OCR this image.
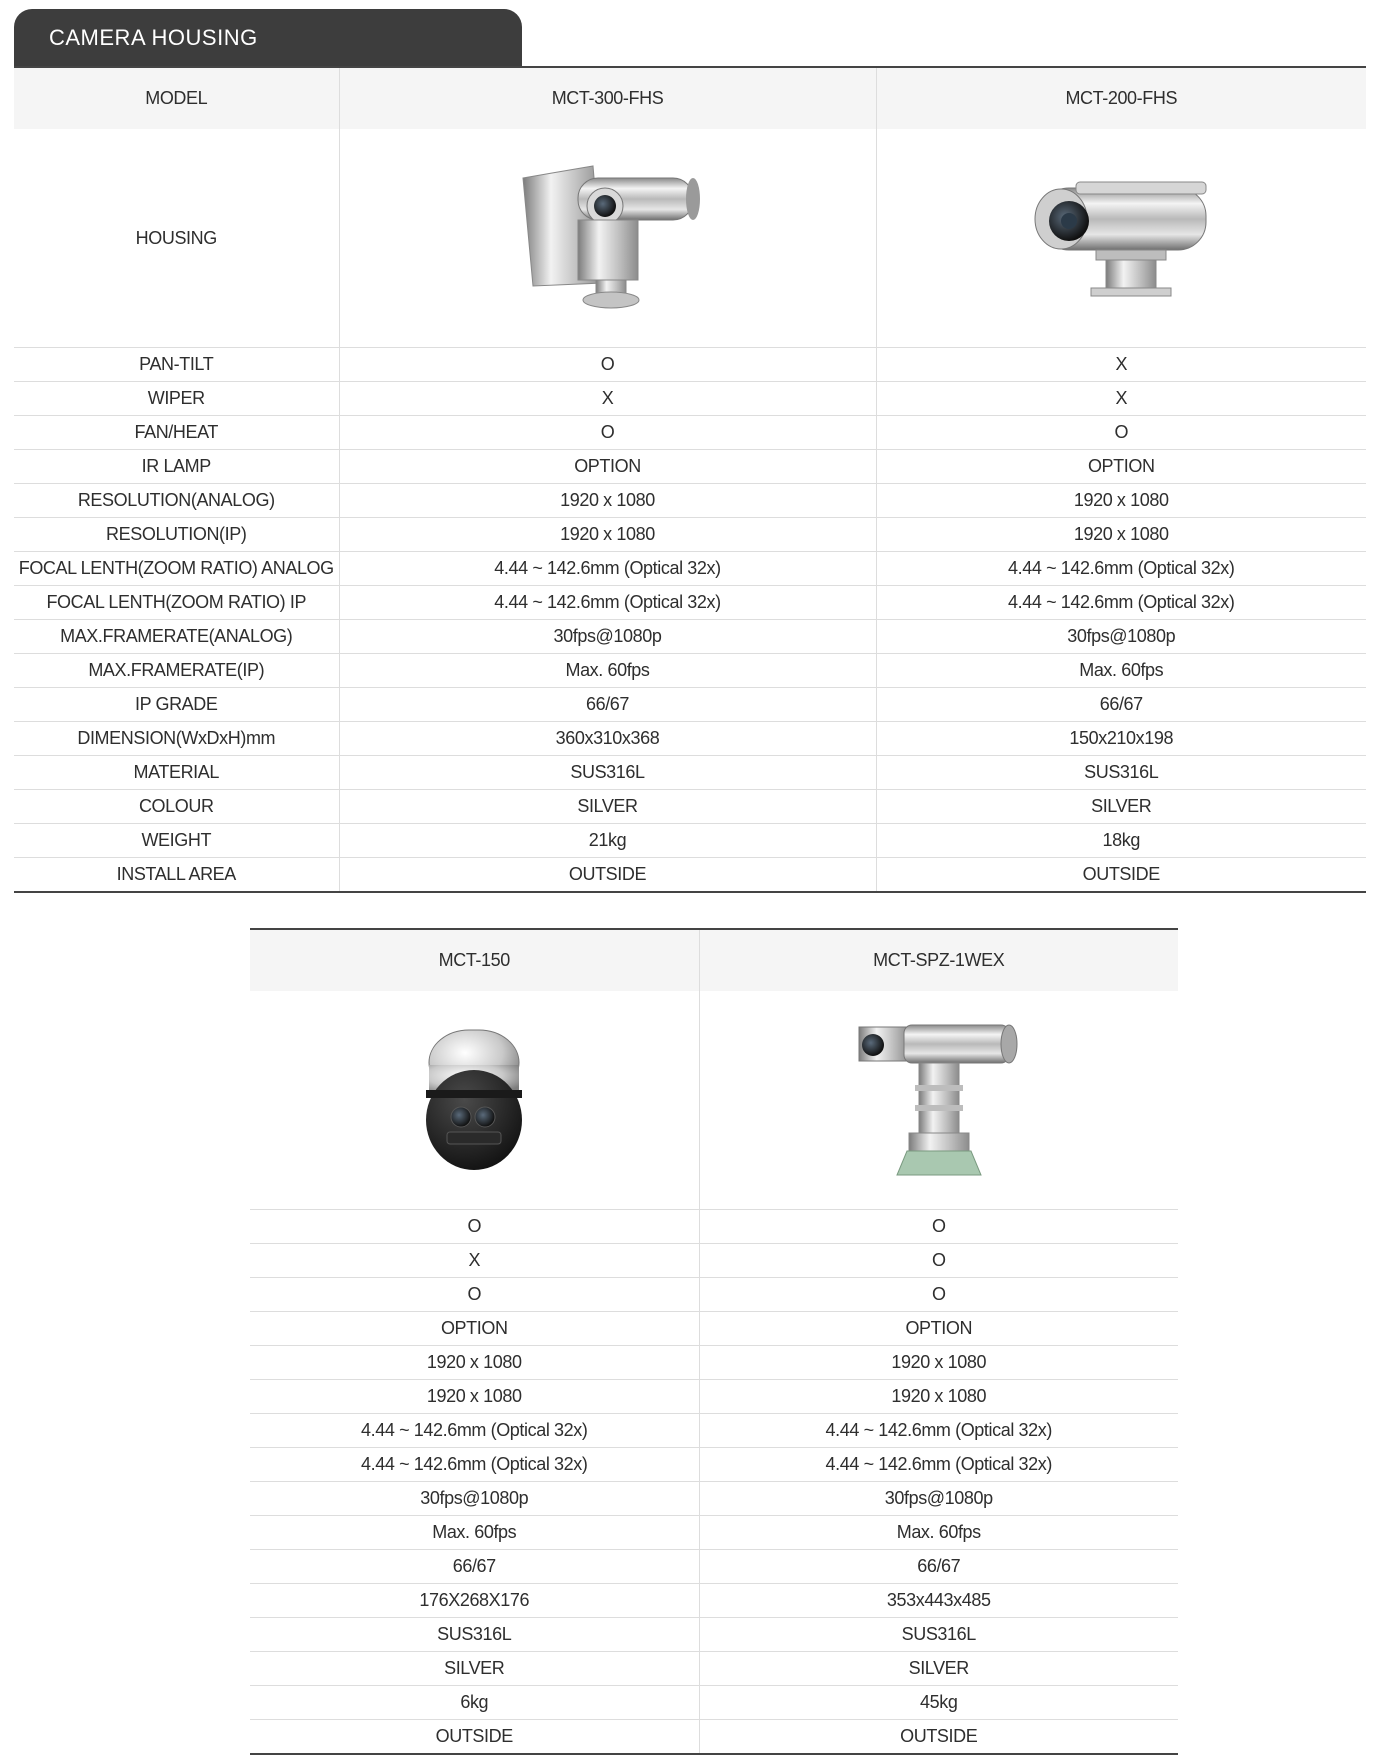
CAMERA HOUSING
MODEL	MCT-300-FHS	MCT-200-FHS
HOUSING	

PAN-TILT	O	X
WIPER	X	X
FAN/HEAT	O	O
IR LAMP	OPTION	OPTION
RESOLUTION(ANALOG)	1920 x 1080	1920 x 1080
RESOLUTION(IP)	1920 x 1080	1920 x 1080
FOCAL LENTH(ZOOM RATIO) ANALOG	4.44 ~ 142.6mm (Optical 32x)	4.44 ~ 142.6mm (Optical 32x)
FOCAL LENTH(ZOOM RATIO) IP	4.44 ~ 142.6mm (Optical 32x)	4.44 ~ 142.6mm (Optical 32x)
MAX.FRAMERATE(ANALOG)	30fps@1080p	30fps@1080p
MAX.FRAMERATE(IP)	Max. 60fps	Max. 60fps
IP GRADE	66/67	66/67
DIMENSION(WxDxH)mm	360x310x368	150x210x198
MATERIAL	SUS316L	SUS316L
COLOUR	SILVER	SILVER
WEIGHT	21kg	18kg
INSTALL AREA	OUTSIDE	OUTSIDE
MCT-150	MCT-SPZ-1WEX

O	O
X	O
O	O
OPTION	OPTION
1920 x 1080	1920 x 1080
1920 x 1080	1920 x 1080
4.44 ~ 142.6mm (Optical 32x)	4.44 ~ 142.6mm (Optical 32x)
4.44 ~ 142.6mm (Optical 32x)	4.44 ~ 142.6mm (Optical 32x)
30fps@1080p	30fps@1080p
Max. 60fps	Max. 60fps
66/67	66/67
176X268X176	353x443x485
SUS316L	SUS316L
SILVER	SILVER
6kg	45kg
OUTSIDE	OUTSIDE
